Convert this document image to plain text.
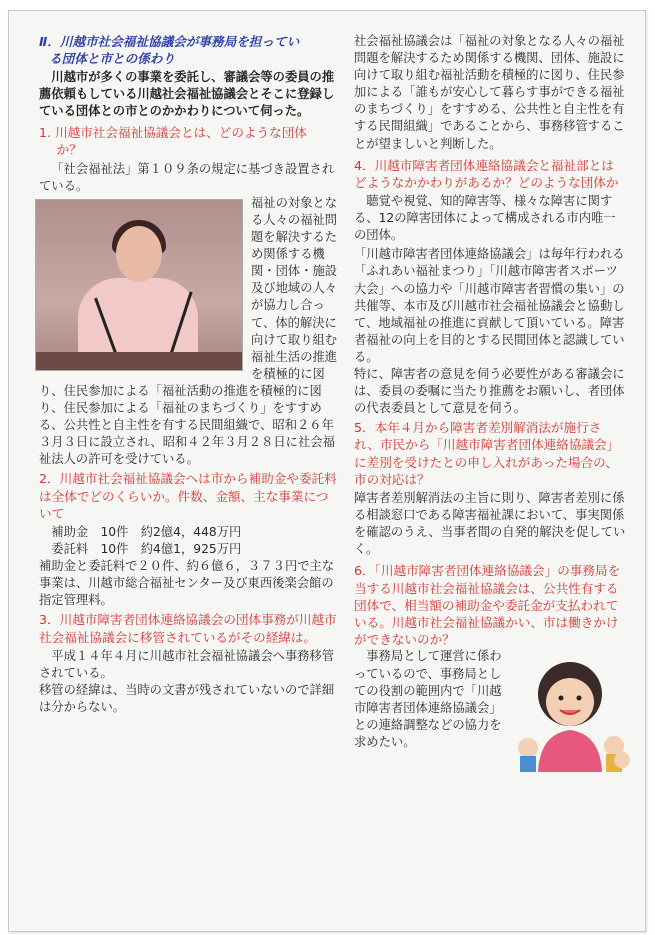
Ⅱ．川越市社会福祉協議会が事務局を担ってい
る団体と市との係わり

川越市が多くの事業を委託し、審議会等の委員の推薦依頼もしている川越社会福祉協議会とそこに登録している団体との市とのかかわりについて伺った。

1. 川越市社会福祉協議会とは、どのような団体
か？

「社会福祉法」第１０９条の規定に基づき設置されている。

福祉の対象となる人々の福祉問題を解決するため関係する機関・団体・施設及び地域の人々が協力し合って、体的解決に向けて取り組む福祉生活の推進を積極的に図り、住民参加による「福祉活動の推進を積極的に図り、住民参加による「福祉のまちづくり」をすすめる、公共性と自主性を有する民間組織で、昭和２６年３月３日に設立され、昭和４２年３月２８日に社会福祉法人の許可を受けている。

2．川越市社会福祉協議会へは市から補助金や委託料は全体でどのくらいか。件数、金額、主な事業について

補助金　10件　約2億4，448万円
委託料　10件　約4億1，925万円

補助金と委託料で２０件、約６億６，３７３円で主な事業は、川越市総合福祉センター及び東西後楽会館の指定管理料。

3．川越市障害者団体連絡協議会の団体事務が川越市社会福祉協議会に移管されているがその経緯は。

平成１４年４月に川越市社会福祉協議会へ事務移管されている。

移管の経緯は、当時の文書が残されていないので詳細は分からない。

社会福祉協議会は「福祉の対象となる人々の福祉問題を解決するため関係する機関、団体、施設に向けて取り組む福祉活動を積極的に図り、住民参加による「誰もが安心して暮らす事ができる福祉のまちづくり」をすすめる、公共性と自主性を有する民間組織」であることから、事務移管することが望ましいと判断した。

4．川越市障害者団体連絡協議会と福祉部とはどようなかかわりがあるか？どのような団体か

聴覚や視覚、知的障害等、様々な障害に関する、12の障害団体によって構成される市内唯一の団体。

「川越市障害者団体連絡協議会」は毎年行われる「ふれあい福祉まつり」「川越市障害者スポーツ大会」への協力や「川越市障害者習慣の集い」の共催等、本市及び川越市社会福祉協議会と協動して、地域福祉の推進に貢献して頂いている。障害者福祉の向上を目的とする民間団体と認識している。

特に、障害者の意見を伺う必要性がある審議会には、委員の委嘱に当たり推薦をお願いし、者団体の代表委員として意見を伺う。

5．本年４月から障害者差別解消法が施行され、市民から「川越市障害者団体連絡協議会」に差別を受けたとの申し入れがあった場合の、市の対応は？

障害者差別解消法の主旨に則り、障害者差別に係る相談窓口である障害福祉課において、事実関係を確認のうえ、当事者間の自発的解決を促していく。

6．「川越市障害者団体連絡協議会」の事務局を当する川越市社会福祉協議会は、公共性有する団体で、相当額の補助金や委託金が支払われている。川越市社会福祉協議かい、市は働きかけができないのか？

事務局として運営に係わっているので、事務局としての役割の範囲内で「川越市障害者団体連絡協議会」との連絡調整などの協力を求めたい。
